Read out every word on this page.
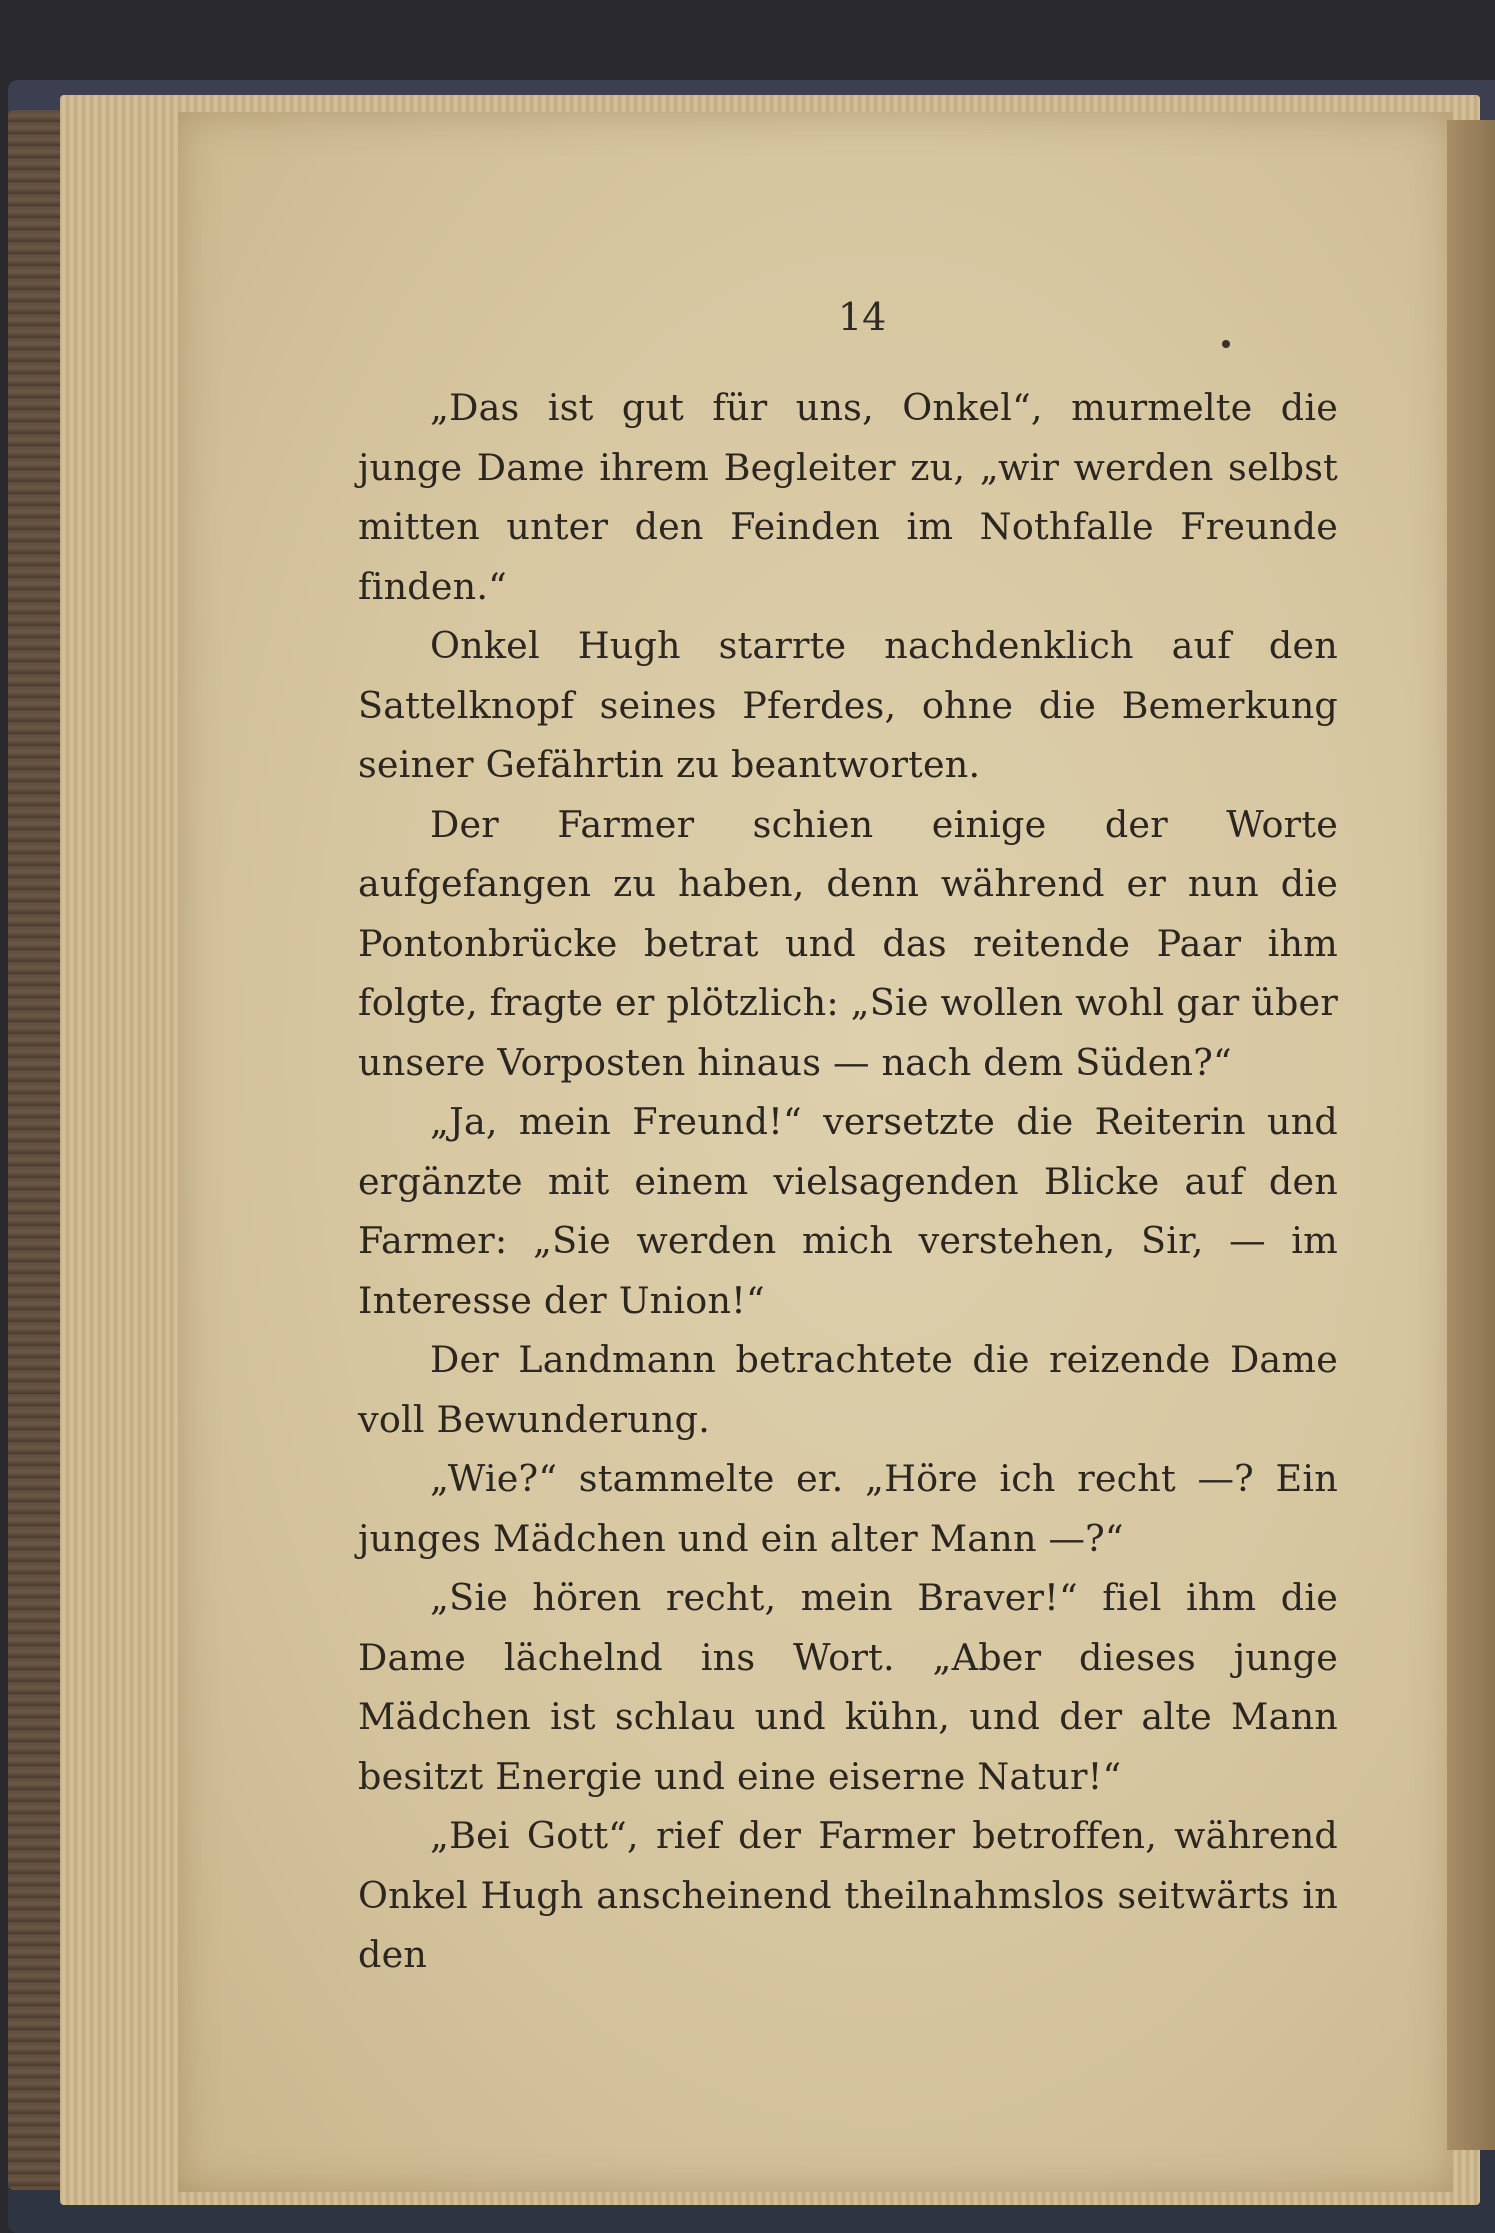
14

„Das ist gut für uns, Onkel“, murmelte die junge Dame ihrem Begleiter zu, „wir werden selbst mitten unter den Feinden im Nothfalle Freunde finden.“

Onkel Hugh starrte nachdenklich auf den Sattelknopf seines Pferdes, ohne die Bemerkung seiner Gefährtin zu beantworten.

Der Farmer schien einige der Worte aufgefangen zu haben, denn während er nun die Pontonbrücke betrat und das reitende Paar ihm folgte, fragte er plötzlich: „Sie wollen wohl gar über unsere Vorposten hinaus — nach dem Süden?“

„Ja, mein Freund!“ versetzte die Reiterin und ergänzte mit einem vielsagenden Blicke auf den Farmer: „Sie werden mich verstehen, Sir, — im Interesse der Union!“

Der Landmann betrachtete die reizende Dame voll Bewunderung.

„Wie?“ stammelte er. „Höre ich recht —? Ein junges Mädchen und ein alter Mann —?“

„Sie hören recht, mein Braver!“ fiel ihm die Dame lächelnd ins Wort. „Aber dieses junge Mädchen ist schlau und kühn, und der alte Mann besitzt Energie und eine eiserne Natur!“

„Bei Gott“, rief der Farmer betroffen, während Onkel Hugh anscheinend theilnahmslos seitwärts in den
